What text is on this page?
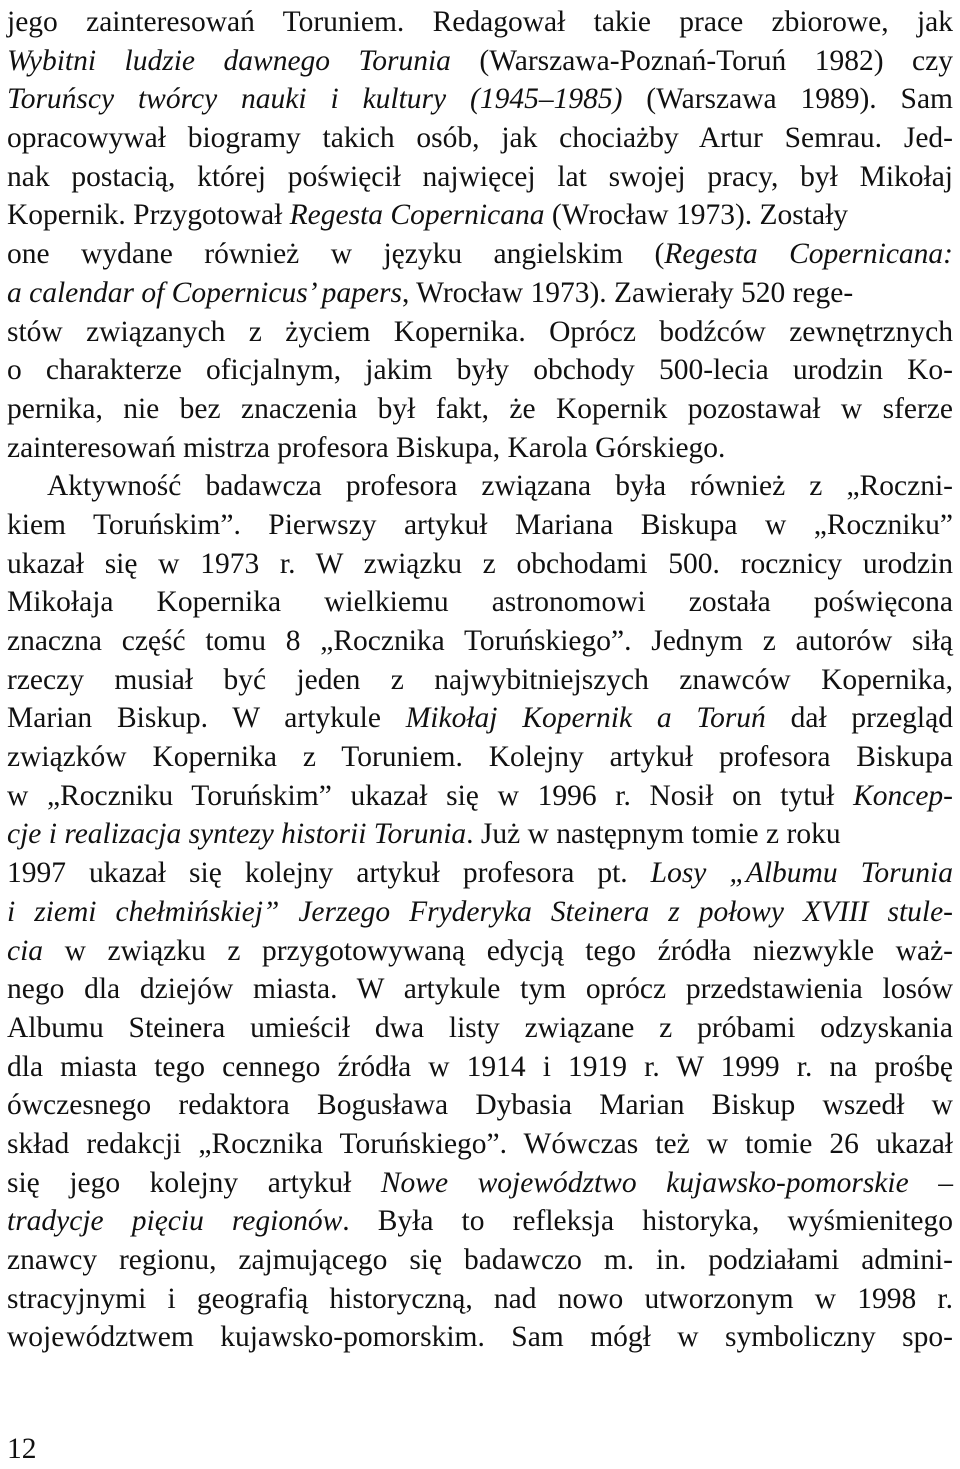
jego zainteresowań Toruniem. Redagował takie prace zbiorowe, jak
Wybitni ludzie dawnego Torunia (Warszawa-Poznań-Toruń 1982) czy
Toruńscy twórcy nauki i kultury (1945–1985) (Warszawa 1989). Sam
opracowywał biogramy takich osób, jak chociażby Artur Semrau. Jed-
nak postacią, której poświęcił najwięcej lat swojej pracy, był Mikołaj
Kopernik. Przygotował Regesta Copernicana (Wrocław 1973). Zostały
one wydane również w języku angielskim (Regesta Copernicana:
a calendar of Copernicus’ papers, Wrocław 1973). Zawierały 520 rege-
stów związanych z życiem Kopernika. Oprócz bodźców zewnętrznych
o charakterze oficjalnym, jakim były obchody 500-lecia urodzin Ko-
pernika, nie bez znaczenia był fakt, że Kopernik pozostawał w sferze
zainteresowań mistrza profesora Biskupa, Karola Górskiego.
Aktywność badawcza profesora związana była również z „Roczni-
kiem Toruńskim”. Pierwszy artykuł Mariana Biskupa w „Roczniku”
ukazał się w 1973 r. W związku z obchodami 500. rocznicy urodzin
Mikołaja Kopernika wielkiemu astronomowi została poświęcona
znaczna część tomu 8 „Rocznika Toruńskiego”. Jednym z autorów siłą
rzeczy musiał być jeden z najwybitniejszych znawców Kopernika,
Marian Biskup. W artykule Mikołaj Kopernik a Toruń dał przegląd
związków Kopernika z Toruniem. Kolejny artykuł profesora Biskupa
w „Roczniku Toruńskim” ukazał się w 1996 r. Nosił on tytuł Koncep-
cje i realizacja syntezy historii Torunia. Już w następnym tomie z roku
1997 ukazał się kolejny artykuł profesora pt. Losy „Albumu Torunia
i ziemi chełmińskiej” Jerzego Fryderyka Steinera z połowy XVIII stule-
cia w związku z przygotowywaną edycją tego źródła niezwykle waż-
nego dla dziejów miasta. W artykule tym oprócz przedstawienia losów
Albumu Steinera umieścił dwa listy związane z próbami odzyskania
dla miasta tego cennego źródła w 1914 i 1919 r. W 1999 r. na prośbę
ówczesnego redaktora Bogusława Dybasia Marian Biskup wszedł w
skład redakcji „Rocznika Toruńskiego”. Wówczas też w tomie 26 ukazał
się jego kolejny artykuł Nowe województwo kujawsko-pomorskie –
tradycje pięciu regionów. Była to refleksja historyka, wyśmienitego
znawcy regionu, zajmującego się badawczo m. in. podziałami admini-
stracyjnymi i geografią historyczną, nad nowo utworzonym w 1998 r.
województwem kujawsko-pomorskim. Sam mógł w symboliczny spo-
12
